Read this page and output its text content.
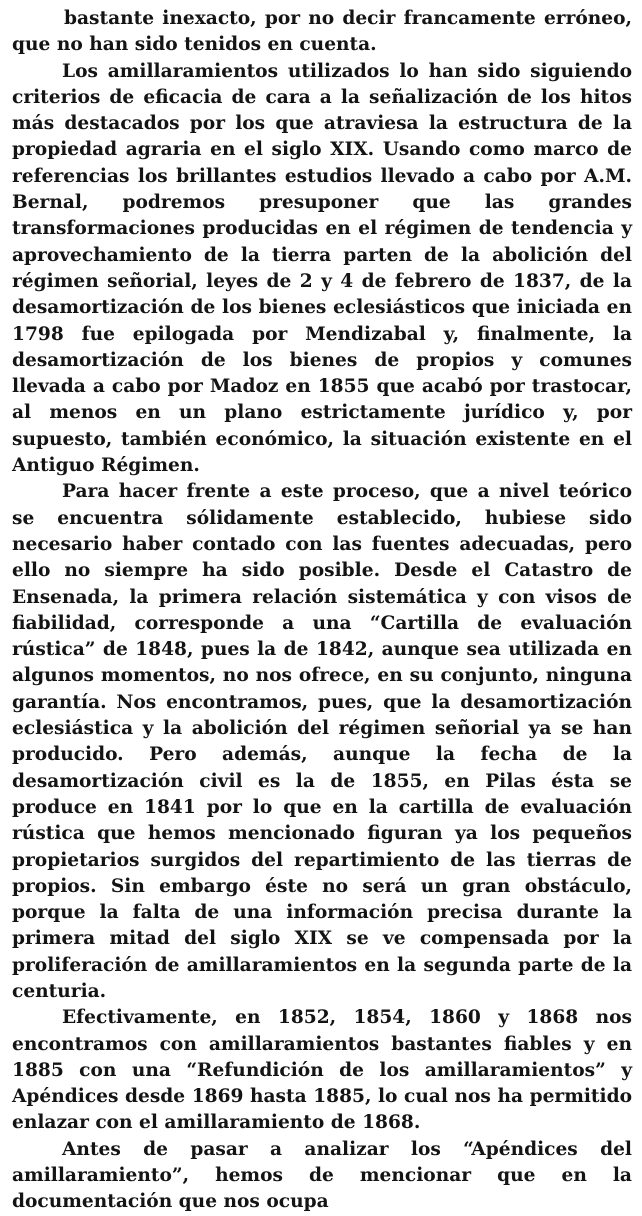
bastante inexacto, por no decir francamente erróneo, que no han sido tenidos en cuenta.

Los amillaramientos utilizados lo han sido siguiendo criterios de eficacia de cara a la señalización de los hitos más destacados por los que atraviesa la estructura de la propiedad agraria en el siglo XIX. Usando como marco de referencias los brillantes estudios llevado a cabo por A.M. Bernal, podremos presuponer que las grandes transformaciones producidas en el régimen de tendencia y aprovechamiento de la tierra parten de la abolición del régimen señorial, leyes de 2 y 4 de febrero de 1837, de la desamortización de los bienes eclesiásticos que iniciada en 1798 fue epilogada por Mendizabal y, finalmente, la desamortización de los bienes de propios y comunes llevada a cabo por Madoz en 1855 que acabó por trastocar, al menos en un plano estrictamente jurídico y, por supuesto, también económico, la situación existente en el Antiguo Régimen.

Para hacer frente a este proceso, que a nivel teórico se encuentra sólidamente establecido, hubiese sido necesario haber contado con las fuentes adecuadas, pero ello no siempre ha sido posible. Desde el Catastro de Ensenada, la primera relación sistemática y con visos de fiabilidad, corresponde a una “Cartilla de evaluación rústica” de 1848, pues la de 1842, aunque sea utilizada en algunos momentos, no nos ofrece, en su conjunto, ninguna garantía. Nos encontramos, pues, que la desamortización eclesiástica y la abolición del régimen señorial ya se han producido. Pero además, aunque la fecha de la desamortización civil es la de 1855, en Pilas ésta se produce en 1841 por lo que en la cartilla de evaluación rústica que hemos mencionado figuran ya los pequeños propietarios surgidos del repartimiento de las tierras de propios. Sin embargo éste no será un gran obstáculo, porque la falta de una información precisa durante la primera mitad del siglo XIX se ve compensada por la proliferación de amillaramientos en la segunda parte de la centuria.

Efectivamente, en 1852, 1854, 1860 y 1868 nos encontramos con amillaramientos bastantes fiables y en 1885 con una “Refundición de los amillaramientos” y Apéndices desde 1869 hasta 1885, lo cual nos ha permitido enlazar con el amillaramiento de 1868.

Antes de pasar a analizar los “Apéndices del amillaramiento”, hemos de mencionar que en la documentación que nos ocupa
